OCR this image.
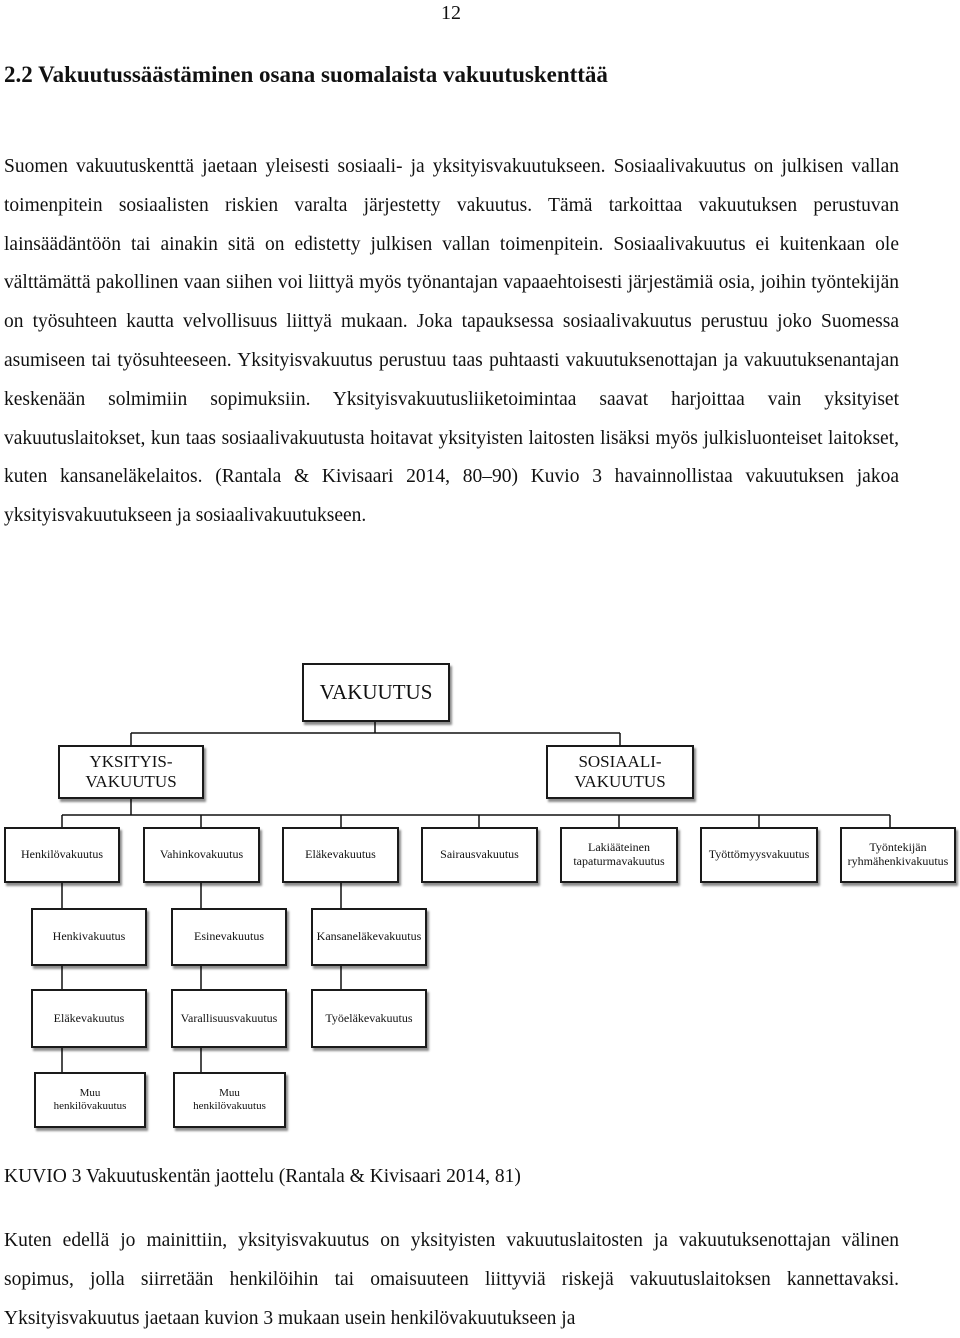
12
2.2 Vakuutussäästäminen osana suomalaista vakuutuskenttää

Suomen vakuutuskenttä jaetaan yleisesti sosiaali- ja yksityisvakuutukseen. Sosiaalivakuutus on julkisen vallan toimenpitein sosiaalisten riskien varalta järjestetty vakuutus. Tämä tarkoittaa vakuutuksen perustuvan lainsäädäntöön tai ainakin sitä on edistetty julkisen vallan toimenpitein. Sosiaalivakuutus ei kuitenkaan ole välttämättä pakollinen vaan siihen voi liittyä myös työnantajan vapaaehtoisesti järjestämiä osia, joihin työntekijän on työsuhteen kautta velvollisuus liittyä mukaan. Joka tapauksessa sosiaalivakuutus perustuu joko Suomessa asumiseen tai työsuhteeseen. Yksityisvakuutus perustuu taas puhtaasti vakuutuksenottajan ja vakuutuksenantajan keskenään solmimiin sopimuksiin. Yksityisvakuutusliiketoimintaa saavat harjoittaa vain yksityiset vakuutuslaitokset, kun taas sosiaalivakuutusta hoitavat yksityisten laitosten lisäksi myös julkisluonteiset laitokset, kuten kansaneläkelaitos. (Rantala & Kivisaari 2014, 80–90) Kuvio 3 havainnollistaa vakuutuksen jakoa yksityisvakuutukseen ja sosiaalivakuutukseen.

VAKUUTUS
YKSITYIS-
VAKUUTUS
SOSIAALI-
VAKUUTUS
Henkilövakuutus	Vahinkovakuutus	Eläkevakuutus	Sairausvakuutus	Lakiääteinen
tapaturmavakuutus	Työttömyysvakuutus	Työntekijän
ryhmähenkivakuutus
Henkivakuutus	Esinevakuutus	Kansaneläkevakuutus
Eläkevakuutus	Varallisuusvakuutus	Työeläkevakuutus
Muu
henkilövakuutus
Muu
henkilövakuutus

KUVIO 3 Vakuutuskentän jaottelu (Rantala & Kivisaari 2014, 81)

Kuten edellä jo mainittiin, yksityisvakuutus on yksityisten vakuutuslaitosten ja vakuutuksenottajan välinen sopimus, jolla siirretään henkilöihin tai omaisuuteen liittyviä riskejä vakuutuslaitoksen kannettavaksi. Yksityisvakuutus jaetaan kuvion 3 mukaan usein henkilövakuutukseen ja
